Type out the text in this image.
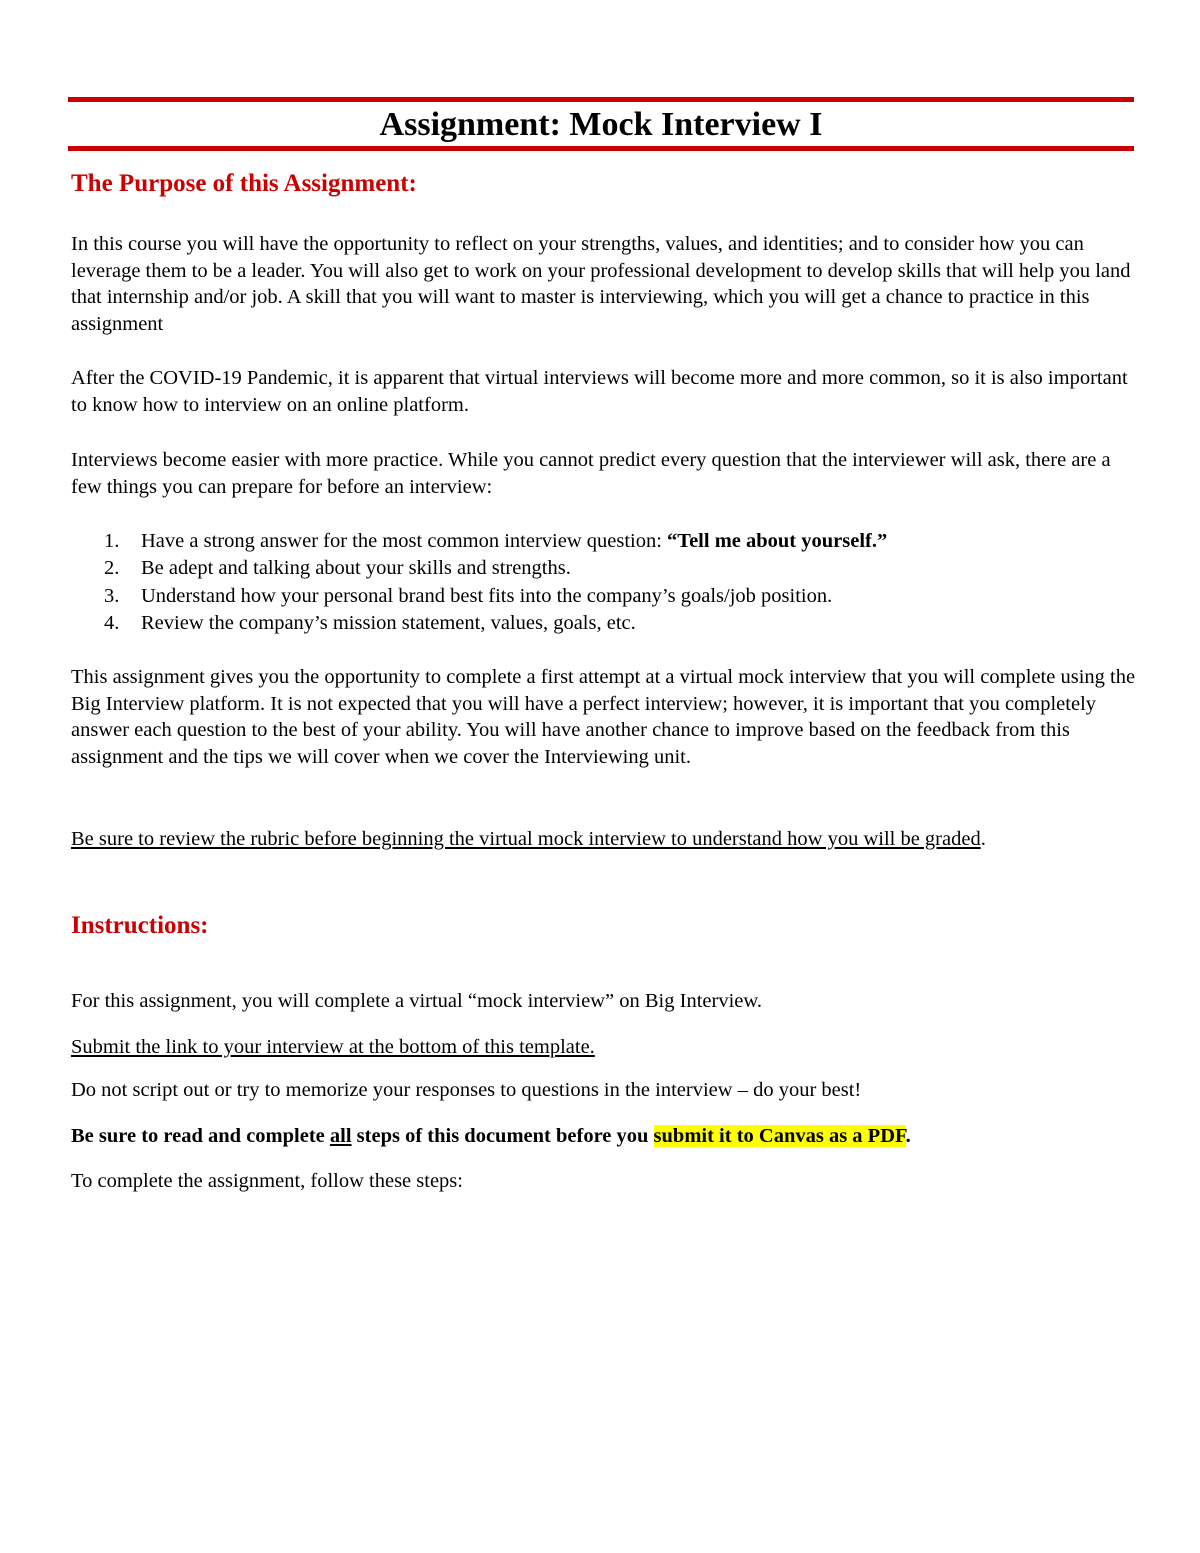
Assignment: Mock Interview I
The Purpose of this Assignment:

In this course you will have the opportunity to reflect on your strengths, values, and identities; and to consider how you can leverage them to be a leader. You will also get to work on your professional development to develop skills that will help you land that internship and/or job. A skill that you will want to master is interviewing, which you will get a chance to practice in this assignment

After the COVID-19 Pandemic, it is apparent that virtual interviews will become more and more common, so it is also important to know how to interview on an online platform.

Interviews become easier with more practice. While you cannot predict every question that the interviewer will ask, there are a few things you can prepare for before an interview:

1. Have a strong answer for the most common interview question: “Tell me about yourself.”
2. Be adept and talking about your skills and strengths.
3. Understand how your personal brand best fits into the company’s goals/job position.
4. Review the company’s mission statement, values, goals, etc.

This assignment gives you the opportunity to complete a first attempt at a virtual mock interview that you will complete using the Big Interview platform. It is not expected that you will have a perfect interview; however, it is important that you completely answer each question to the best of your ability. You will have another chance to improve based on the feedback from this assignment and the tips we will cover when we cover the Interviewing unit.

Be sure to review the rubric before beginning the virtual mock interview to understand how you will be graded.

Instructions:

For this assignment, you will complete a virtual “mock interview” on Big Interview.

Submit the link to your interview at the bottom of this template.

Do not script out or try to memorize your responses to questions in the interview – do your best!

Be sure to read and complete all steps of this document before you submit it to Canvas as a PDF.

To complete the assignment, follow these steps:
